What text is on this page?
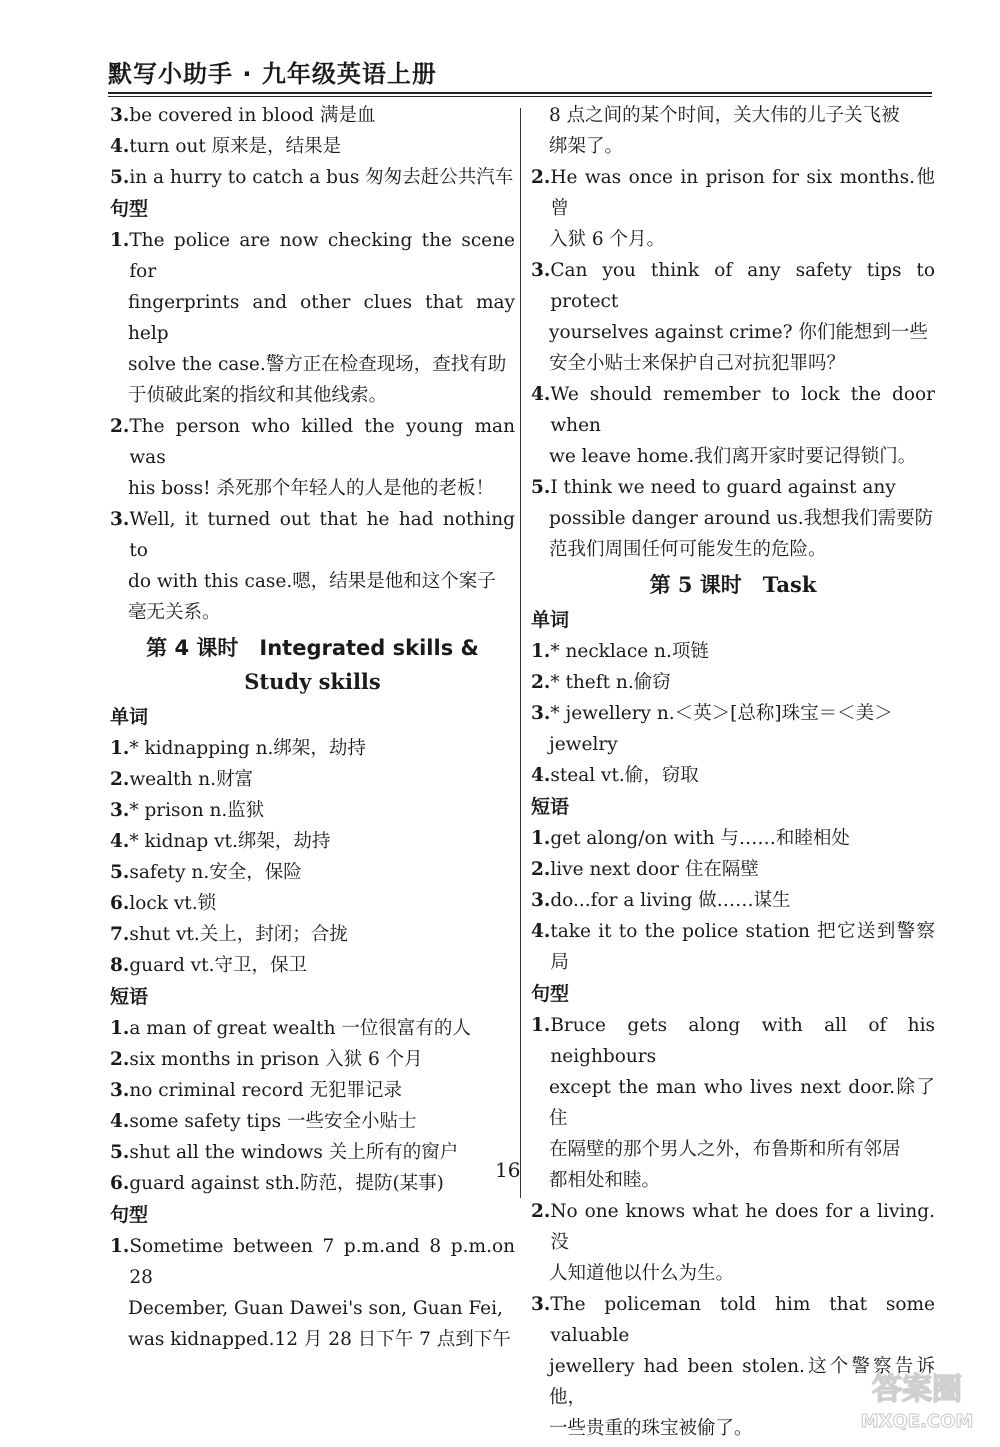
默写小助手 · 九年级英语上册
3. be covered in blood 满是血
4. turn out 原来是，结果是
5. in a hurry to catch a bus 匆匆去赶公共汽车
句型
1. The police are now checking the scene for
fingerprints and other clues that may help
solve the case.警方正在检查现场，查找有助
于侦破此案的指纹和其他线索。
2. The person who killed the young man was
his boss! 杀死那个年轻人的人是他的老板！
3. Well, it turned out that he had nothing to
do with this case.嗯，结果是他和这个案子
毫无关系。
第 4 课时　Integrated skills &
Study skills
单词
1. * kidnapping n.绑架，劫持
2. wealth n.财富
3. * prison n.监狱
4. * kidnap vt.绑架，劫持
5. safety n.安全，保险
6. lock vt.锁
7. shut vt.关上，封闭；合拢
8. guard vt.守卫，保卫
短语
1. a man of great wealth 一位很富有的人
2. six months in prison 入狱 6 个月
3. no criminal record 无犯罪记录
4. some safety tips 一些安全小贴士
5. shut all the windows 关上所有的窗户
6. guard against sth.防范，提防(某事)
句型
1. Sometime between 7 p.m.and 8 p.m.on 28
December, Guan Dawei's son, Guan Fei,
was kidnapped.12 月 28 日下午 7 点到下午
8 点之间的某个时间，关大伟的儿子关飞被
绑架了。
2. He was once in prison for six months.他曾
入狱 6 个月。
3. Can you think of any safety tips to protect
yourselves against crime? 你们能想到一些
安全小贴士来保护自己对抗犯罪吗？
4. We should remember to lock the door when
we leave home.我们离开家时要记得锁门。
5. I think we need to guard against any
possible danger around us.我想我们需要防
范我们周围任何可能发生的危险。
第 5 课时　Task
单词
1. * necklace n.项链
2. * theft n.偷窃
3. * jewellery n.＜英＞[总称]珠宝＝＜美＞
jewelry
4. steal vt.偷，窃取
短语
1. get along/on with 与……和睦相处
2. live next door 住在隔壁
3. do...for a living 做……谋生
4. take it to the police station 把它送到警察局
句型
1. Bruce gets along with all of his neighbours
except the man who lives next door.除了住
在隔壁的那个男人之外，布鲁斯和所有邻居
都相处和睦。
2. No one knows what he does for a living.没
人知道他以什么为生。
3. The policeman told him that some valuable
jewellery had been stolen.这个警察告诉他，
一些贵重的珠宝被偷了。
16
答案圈
MXQE.COM
